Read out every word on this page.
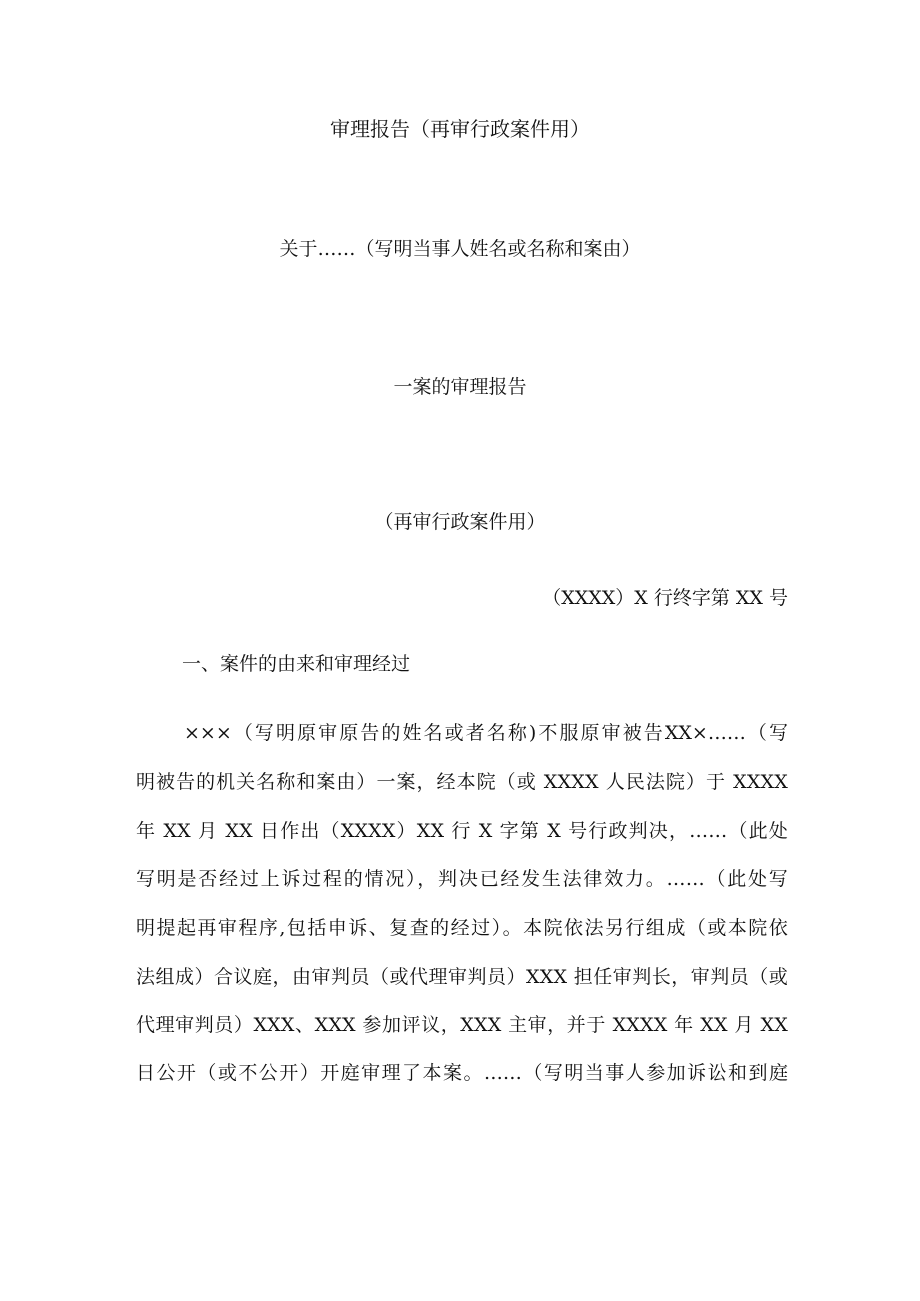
审理报告（再审行政案件用）
关于……（写明当事人姓名或名称和案由）
一案的审理报告
（再审行政案件用）
（XXXX）X 行终字第 XX 号
一、案件的由来和审理经过
×××（写明原审原告的姓名或者名称)不服原审被告XX×……（写
明被告的机关名称和案由）一案，经本院（或 XXXX 人民法院）于 XXXX
年 XX 月 XX 日作出（XXXX）XX 行 X 字第 X 号行政判决，……（此处
写明是否经过上诉过程的情况），判决已经发生法律效力。……（此处写
明提起再审程序,包括申诉、复查的经过）。本院依法另行组成（或本院依
法组成）合议庭，由审判员（或代理审判员）XXX 担任审判长，审判员（或
代理审判员）XXX、XXX 参加评议，XXX 主审，并于 XXXX 年 XX 月 XX
日公开（或不公开）开庭审理了本案。……（写明当事人参加诉讼和到庭
